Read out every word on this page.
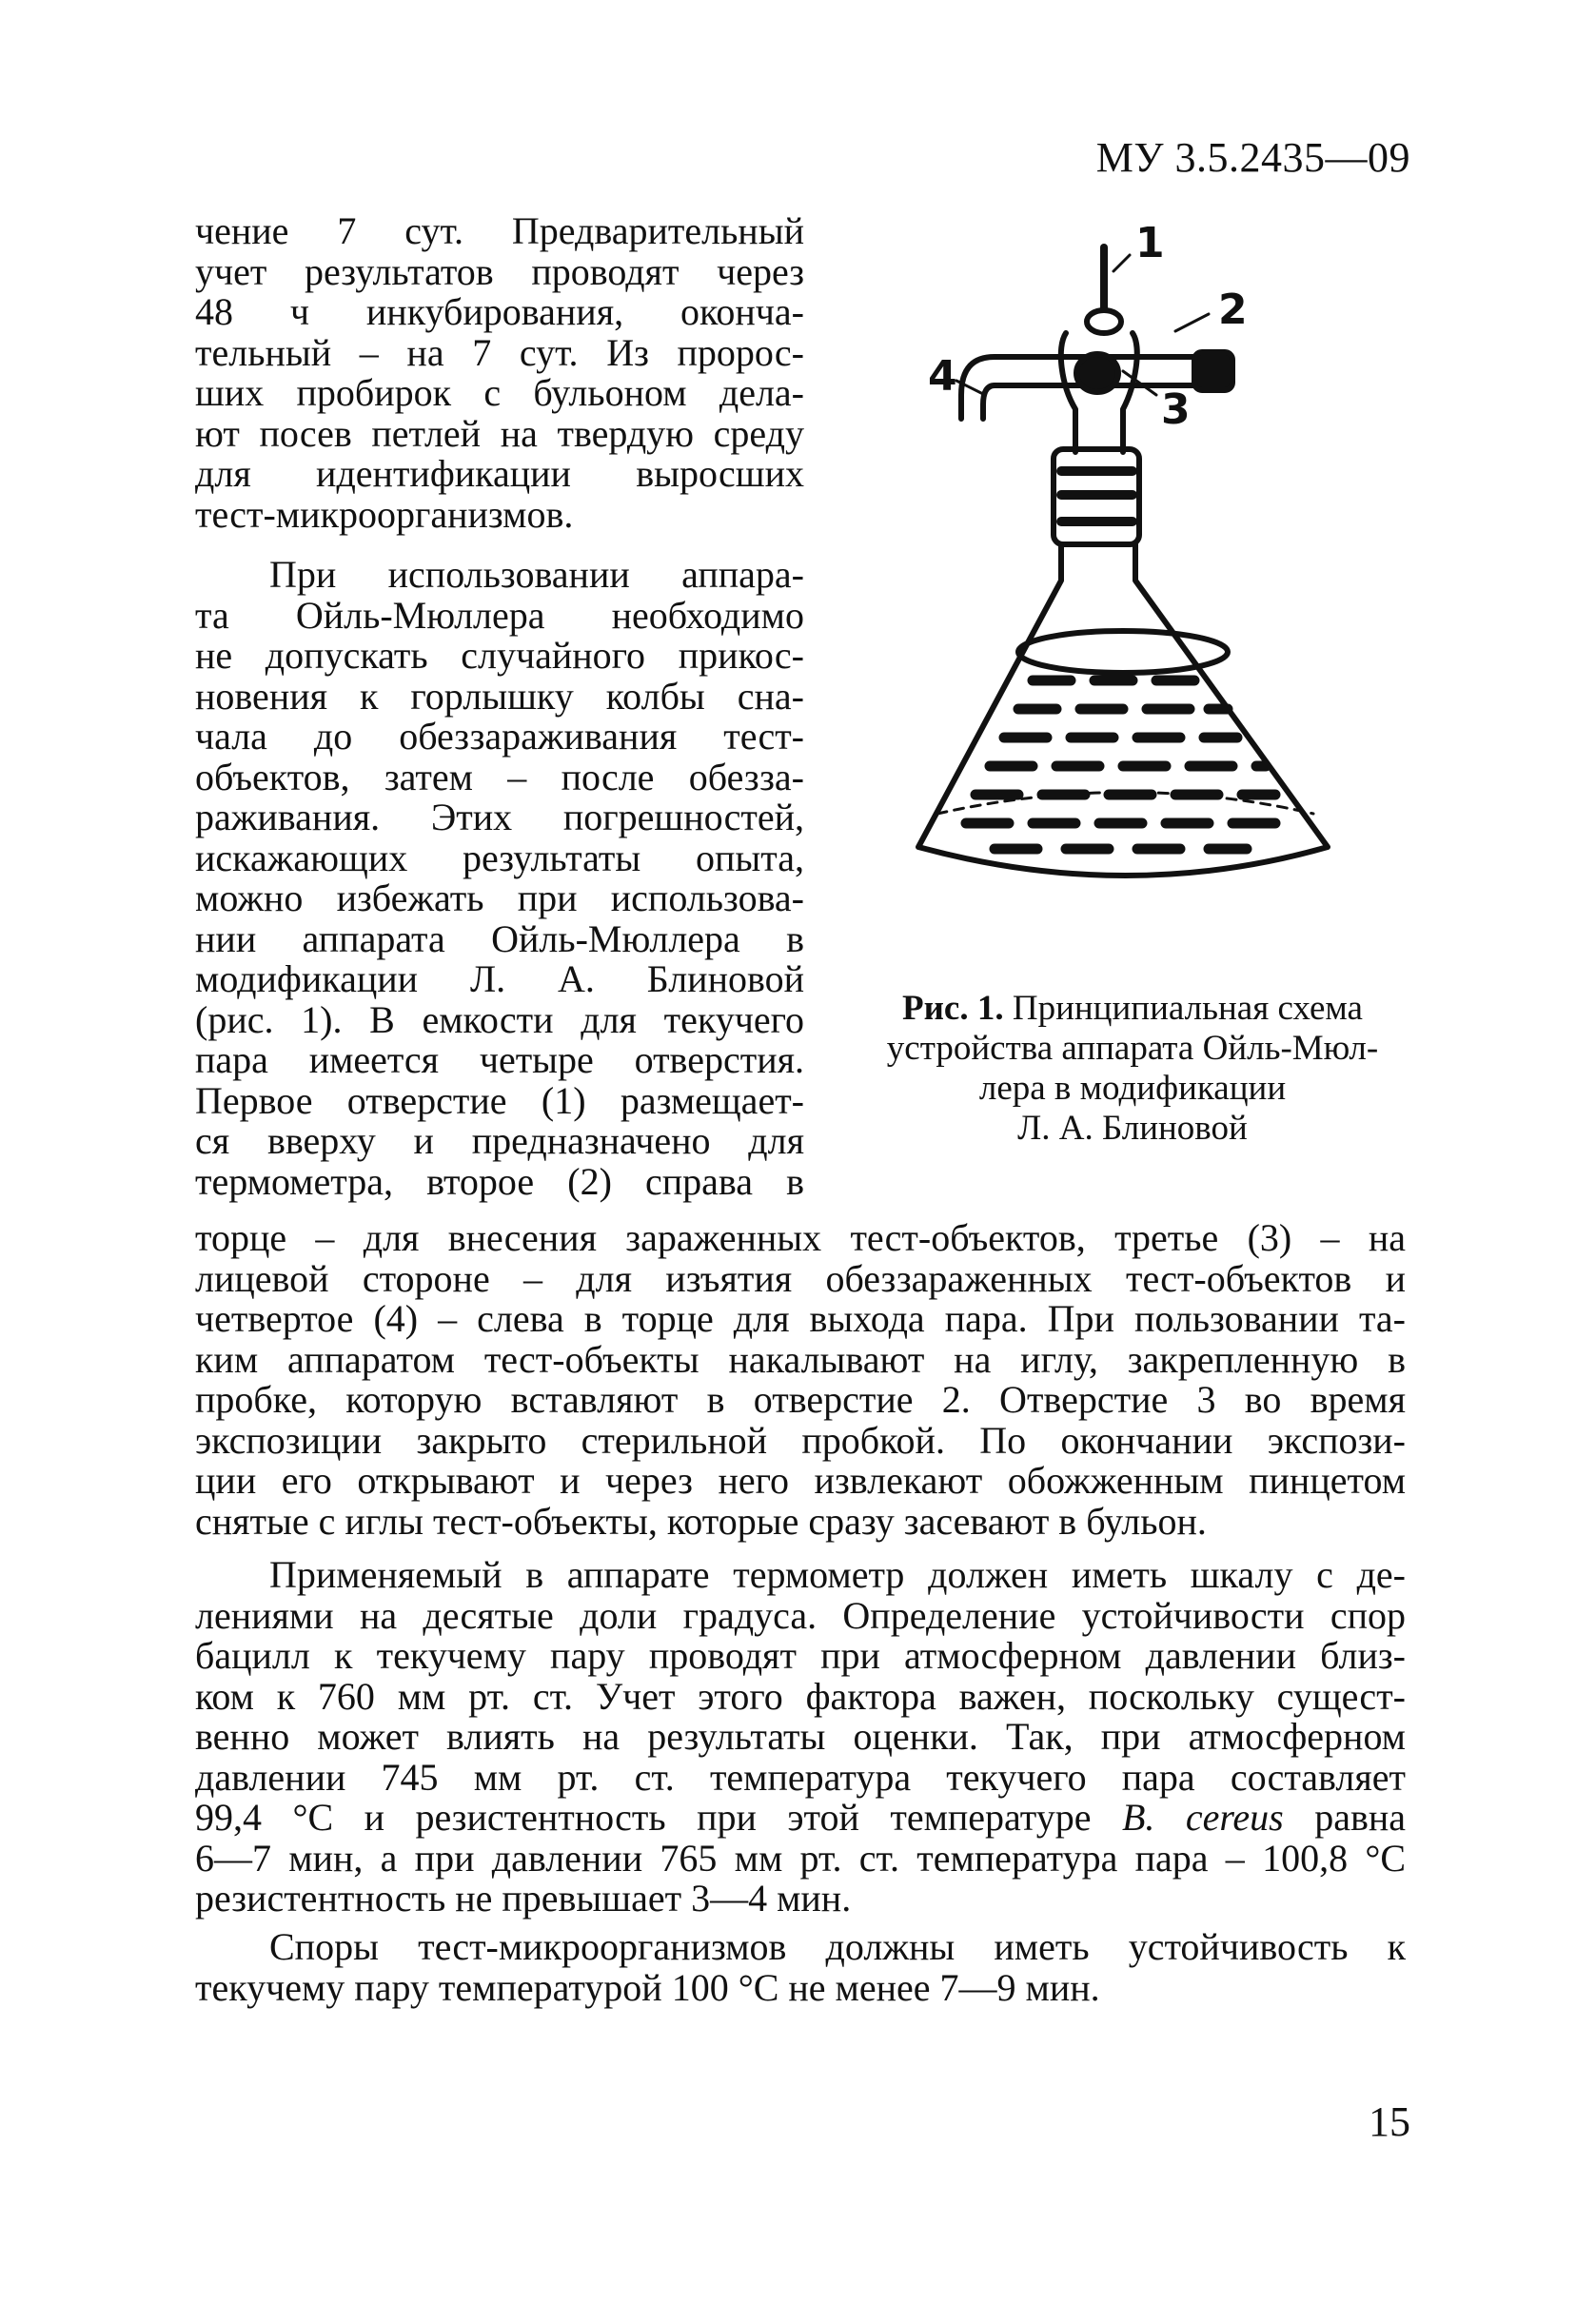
МУ 3.5.2435—09
чение 7 сут. Предварительный
учет результатов проводят через
48 ч инкубирования, оконча-
тельный – на 7 сут. Из пророс-
ших пробирок с бульоном дела-
ют посев петлей на твердую среду
для идентификации выросших
тест-микроорганизмов.
При использовании аппара-
та Ойль-Мюллера необходимо
не допускать случайного прикос-
новения к горлышку колбы сна-
чала до обеззараживания тест-
объектов, затем – после обезза-
раживания. Этих погрешностей,
искажающих результаты опыта,
можно избежать при использова-
нии аппарата Ойль-Мюллера в
модификации Л. А. Блиновой
(рис. 1). В емкости для текучего
пара имеется четыре отверстия.
Первое отверстие (1) размещает-
ся вверху и предназначено для
термометра, второе (2) справа в
1
2
3
4
Рис. 1. Принципиальная схема
устройства аппарата Ойль-Мюл-
лера в модификации
Л. А. Блиновой
торце – для внесения зараженных тест-объектов, третье (3) – на
лицевой стороне – для изъятия обеззараженных тест-объектов и
четвертое (4) – слева в торце для выхода пара. При пользовании та-
ким аппаратом тест-объекты накалывают на иглу, закрепленную в
пробке, которую вставляют в отверстие 2. Отверстие 3 во время
экспозиции закрыто стерильной пробкой. По окончании экспози-
ции его открывают и через него извлекают обожженным пинцетом
снятые с иглы тест-объекты, которые сразу засевают в бульон.
Применяемый в аппарате термометр должен иметь шкалу с де-
лениями на десятые доли градуса. Определение устойчивости спор
бацилл к текучему пару проводят при атмосферном давлении близ-
ком к 760 мм рт. ст. Учет этого фактора важен, поскольку сущест-
венно может влиять на результаты оценки. Так, при атмосферном
давлении 745 мм рт. ст. температура текучего пара составляет
99,4 °С и резистентность при этой температуре B. cereus равна
6—7 мин, а при давлении 765 мм рт. ст. температура пара – 100,8 °С
резистентность не превышает 3—4 мин.
Споры тест-микроорганизмов должны иметь устойчивость к
текучему пару температурой 100 °С не менее 7—9 мин.
15
